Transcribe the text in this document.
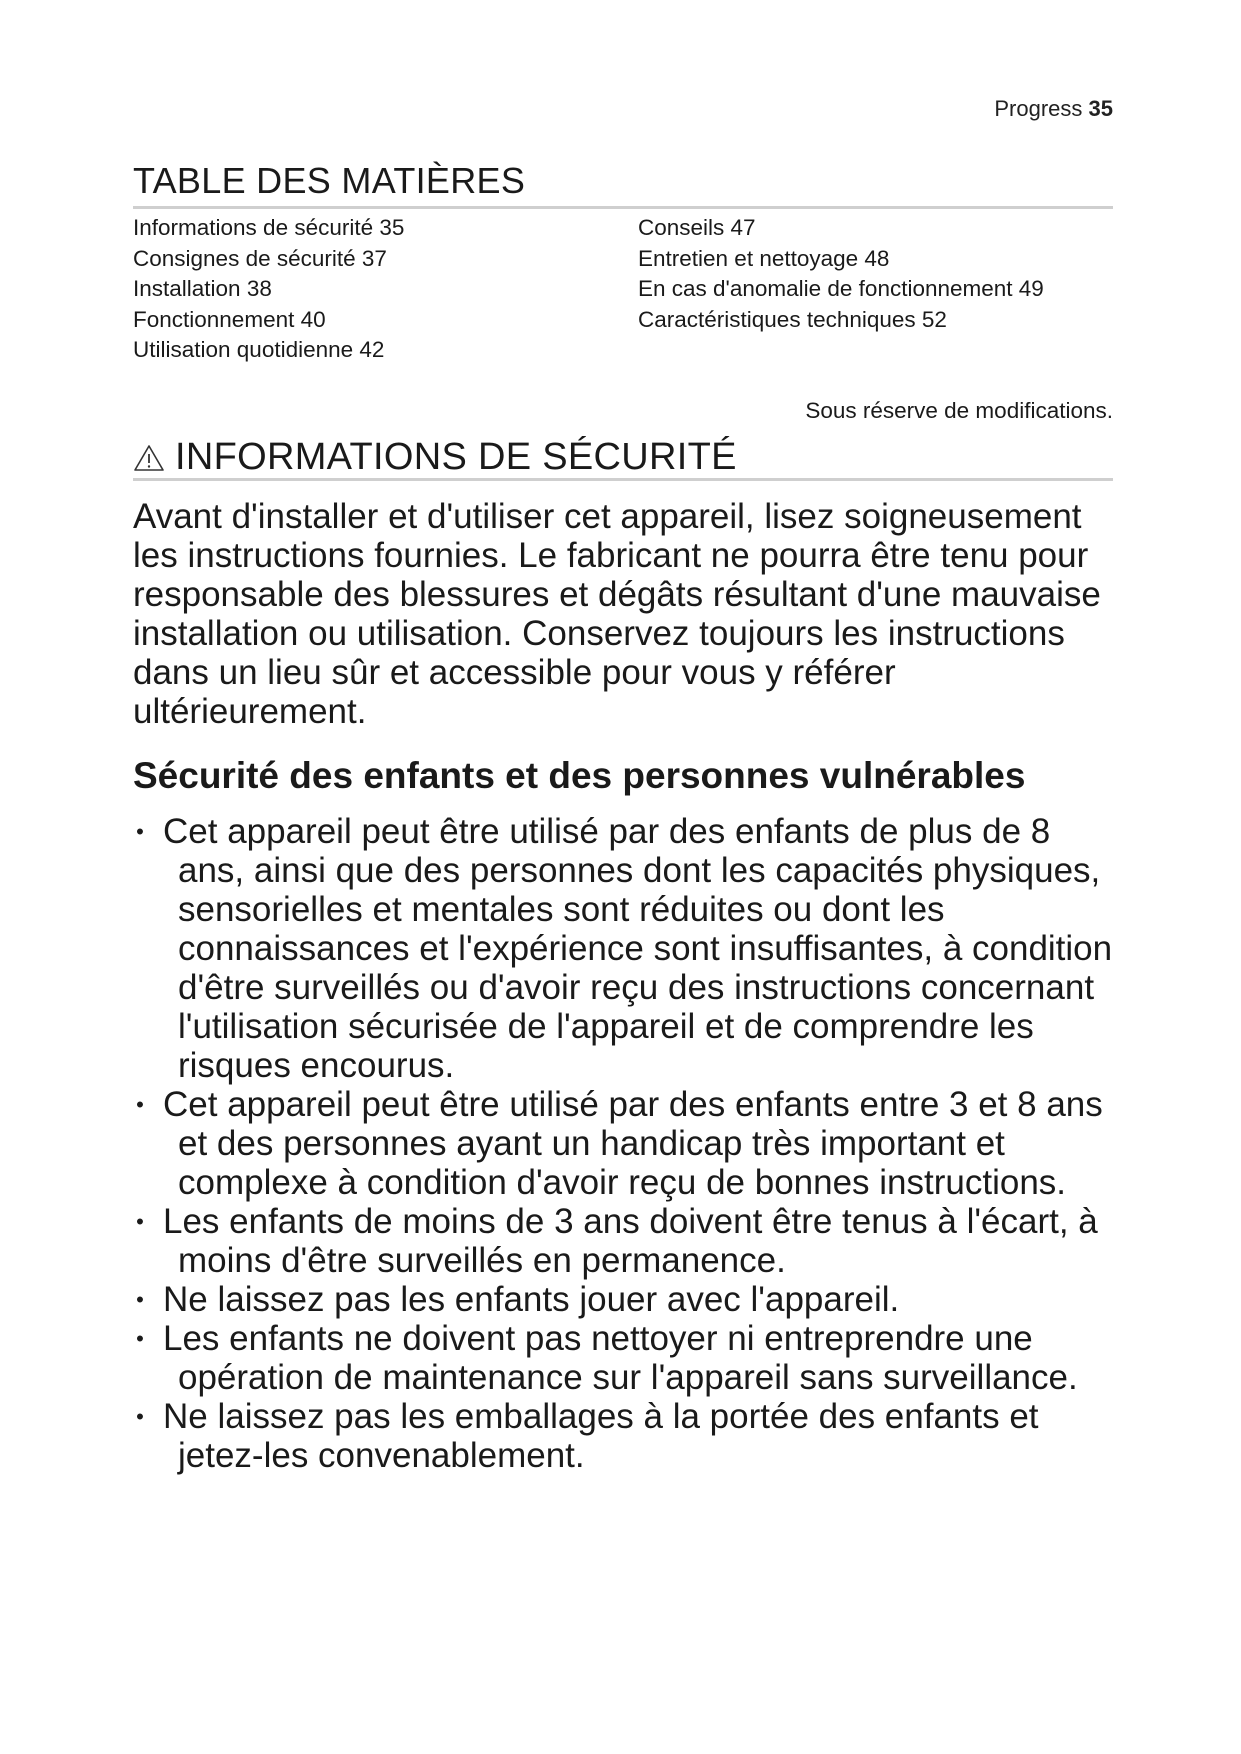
Progress 35
TABLE DES MATIÈRES
Informations de sécurité 35
Consignes de sécurité 37
Installation 38
Fonctionnement 40
Utilisation quotidienne 42
Conseils 47
Entretien et nettoyage 48
En cas d'anomalie de fonctionnement 49
Caractéristiques techniques 52
Sous réserve de modifications.
INFORMATIONS DE SÉCURITÉ

Avant d'installer et d'utiliser cet appareil, lisez soigneusement les instructions fournies. Le fabricant ne pourra être tenu pour responsable des blessures et dégâts résultant d'une mauvaise installation ou utilisation. Conservez toujours les instructions dans un lieu sûr et accessible pour vous y référer ultérieurement.

Sécurité des enfants et des personnes vulnérables
• Cet appareil peut être utilisé par des enfants de plus de 8 ans, ainsi que des personnes dont les capacités physiques, sensorielles et mentales sont réduites ou dont les connaissances et l'expérience sont insuffisantes, à condition d'être surveillés ou d'avoir reçu des instructions concernant l'utilisation sécurisée de l'appareil et de comprendre les risques encourus.
• Cet appareil peut être utilisé par des enfants entre 3 et 8 ans et des personnes ayant un handicap très important et complexe à condition d'avoir reçu de bonnes instructions.
• Les enfants de moins de 3 ans doivent être tenus à l'écart, à moins d'être surveillés en permanence.
• Ne laissez pas les enfants jouer avec l'appareil.
• Les enfants ne doivent pas nettoyer ni entreprendre une opération de maintenance sur l'appareil sans surveillance.
• Ne laissez pas les emballages à la portée des enfants et jetez-les convenablement.
